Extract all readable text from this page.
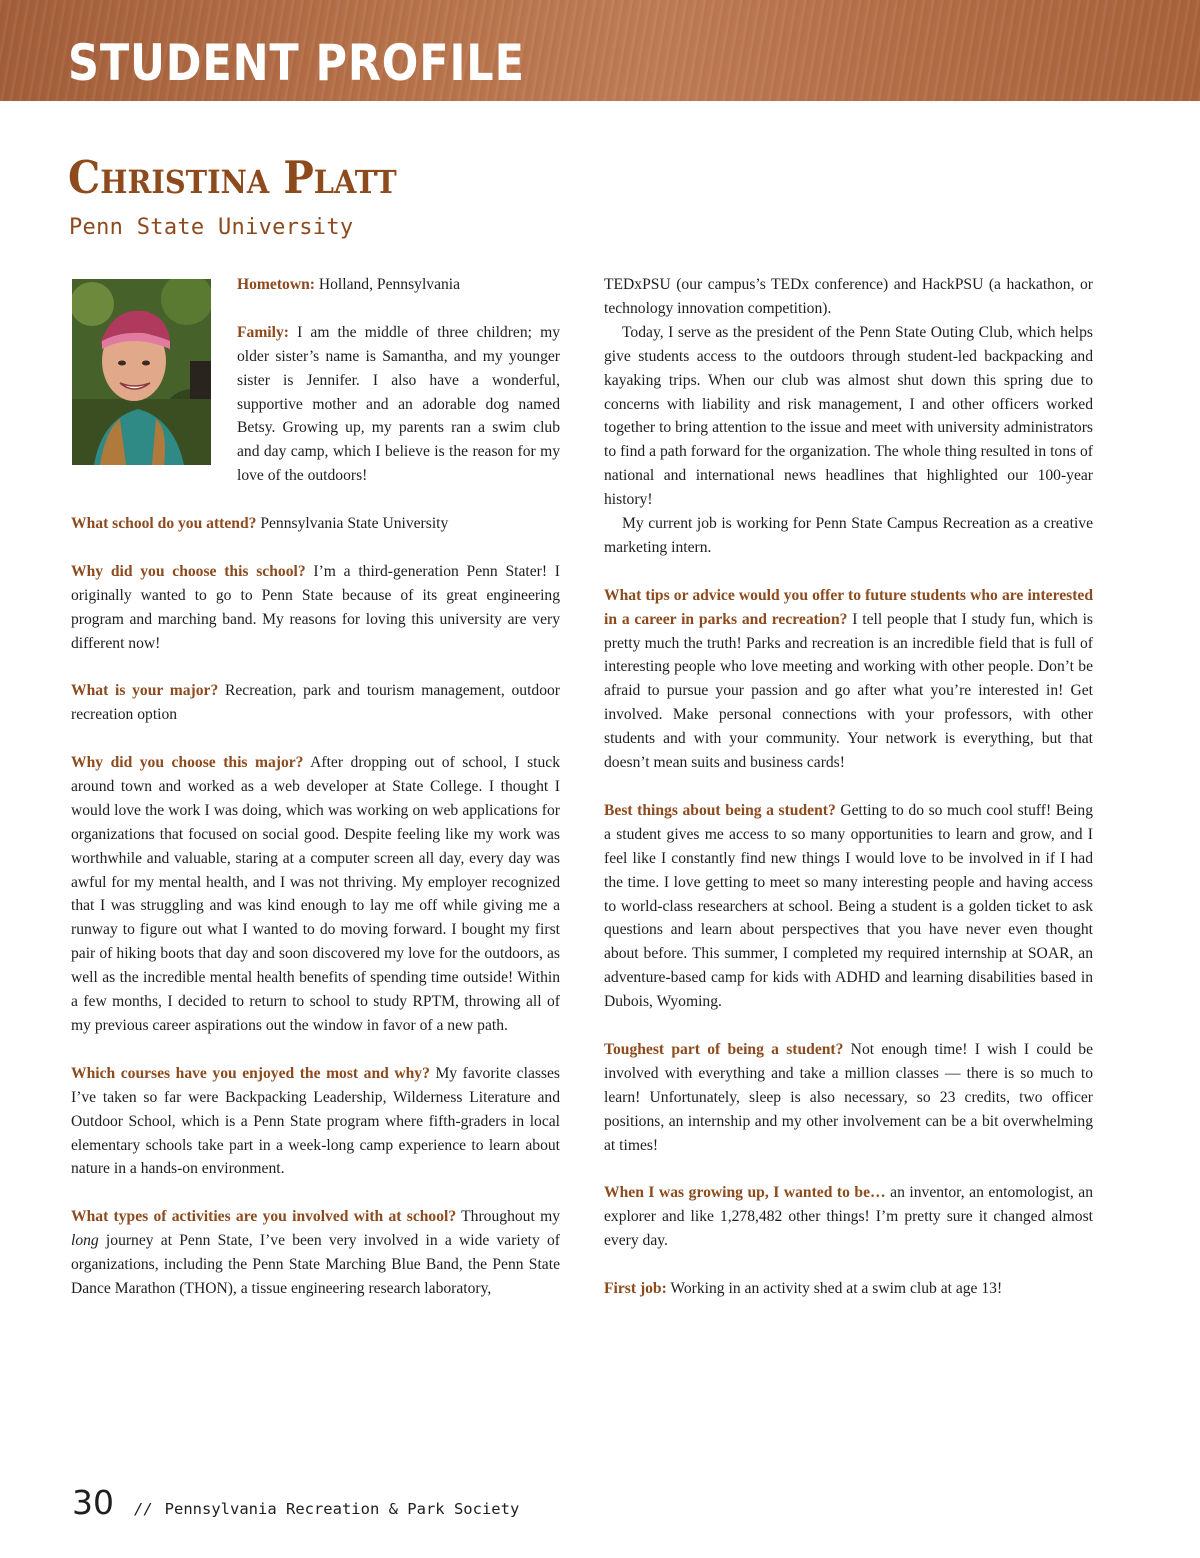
STUDENT PROFILE
Christina Platt
Penn State University

Hometown: Holland, Pennsylvania

Family: I am the middle of three children; my older sister’s name is Samantha, and my younger sister is Jennifer. I also have a wonderful, supportive mother and an adorable dog named Betsy. Growing up, my parents ran a swim club and day camp, which I believe is the reason for my love of the outdoors!

What school do you attend? Pennsylvania State University

Why did you choose this school? I’m a third-generation Penn Stater! I originally wanted to go to Penn State because of its great engineering program and marching band. My reasons for loving this university are very different now!

What is your major? Recreation, park and tourism management, outdoor recreation option

Why did you choose this major? After dropping out of school, I stuck around town and worked as a web developer at State College. I thought I would love the work I was doing, which was working on web applications for organizations that focused on social good. Despite feeling like my work was worthwhile and valuable, staring at a computer screen all day, every day was awful for my mental health, and I was not thriving. My employer recognized that I was struggling and was kind enough to lay me off while giving me a runway to figure out what I wanted to do moving forward. I bought my first pair of hiking boots that day and soon discovered my love for the outdoors, as well as the incredible mental health benefits of spending time outside! Within a few months, I decided to return to school to study RPTM, throwing all of my previous career aspirations out the window in favor of a new path.

Which courses have you enjoyed the most and why? My favorite classes I’ve taken so far were Backpacking Leadership, Wilderness Literature and Outdoor School, which is a Penn State program where fifth-graders in local elementary schools take part in a week-long camp experience to learn about nature in a hands-on environment.

What types of activities are you involved with at school? Throughout my long journey at Penn State, I’ve been very involved in a wide variety of organizations, including the Penn State Marching Blue Band, the Penn State Dance Marathon (THON), a tissue engineering research laboratory,

TEDxPSU (our campus’s TEDx conference) and HackPSU (a hackathon, or technology innovation competition).

Today, I serve as the president of the Penn State Outing Club, which helps give students access to the outdoors through student-led backpacking and kayaking trips. When our club was almost shut down this spring due to concerns with liability and risk management, I and other officers worked together to bring attention to the issue and meet with university administrators to find a path forward for the organization. The whole thing resulted in tons of national and international news headlines that highlighted our 100-year history!

My current job is working for Penn State Campus Recreation as a creative marketing intern.

What tips or advice would you offer to future students who are interested in a career in parks and recreation? I tell people that I study fun, which is pretty much the truth! Parks and recreation is an incredible field that is full of interesting people who love meeting and working with other people. Don’t be afraid to pursue your passion and go after what you’re interested in! Get involved. Make personal connections with your professors, with other students and with your community. Your network is everything, but that doesn’t mean suits and business cards!

Best things about being a student? Getting to do so much cool stuff! Being a student gives me access to so many opportunities to learn and grow, and I feel like I constantly find new things I would love to be involved in if I had the time. I love getting to meet so many interesting people and having access to world-class researchers at school. Being a student is a golden ticket to ask questions and learn about perspectives that you have never even thought about before. This summer, I completed my required internship at SOAR, an adventure-based camp for kids with ADHD and learning disabilities based in Dubois, Wyoming.

Toughest part of being a student? Not enough time! I wish I could be involved with everything and take a million classes — there is so much to learn! Unfortunately, sleep is also necessary, so 23 credits, two officer positions, an internship and my other involvement can be a bit overwhelming at times!

When I was growing up, I wanted to be… an inventor, an entomologist, an explorer and like 1,278,482 other things! I’m pretty sure it changed almost every day.

First job: Working in an activity shed at a swim club at age 13!

30 // Pennsylvania Recreation & Park Society
